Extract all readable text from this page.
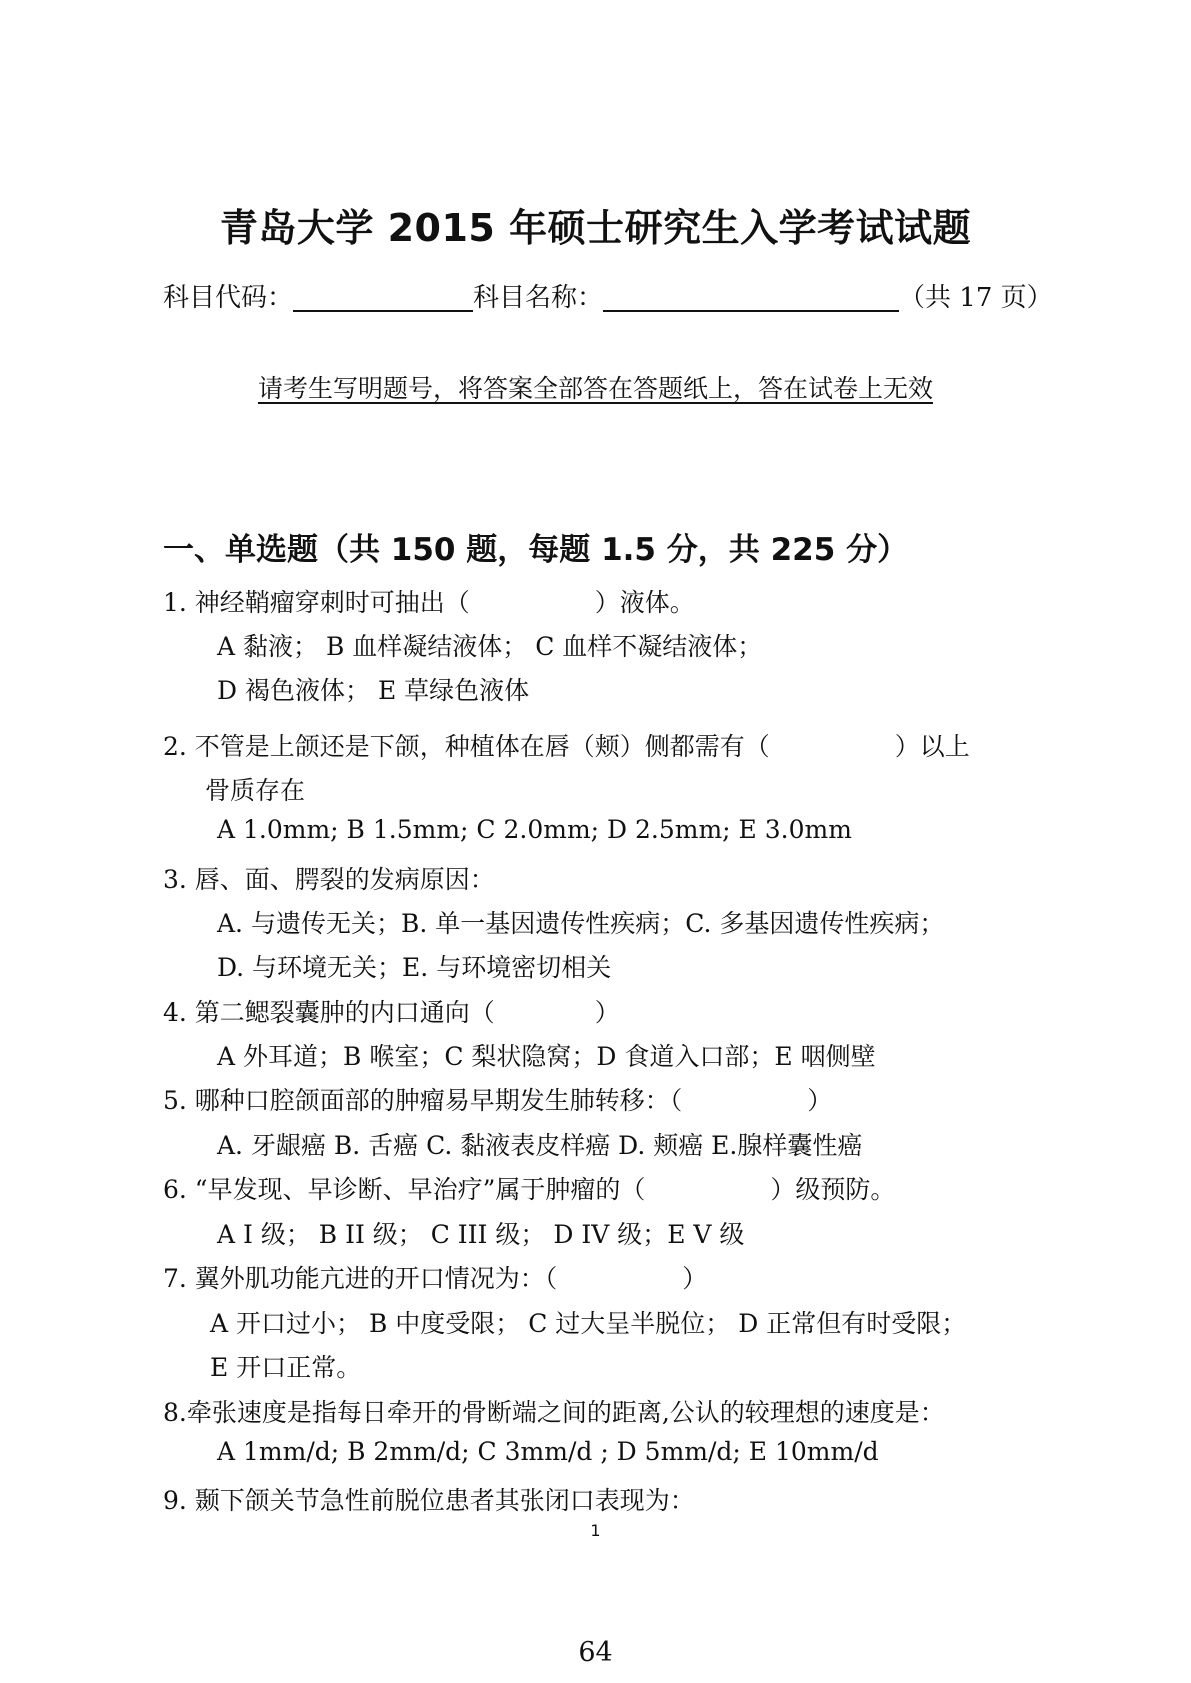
青岛大学 2015 年硕士研究生入学考试试题
科目代码：	科目名称：	（共 17 页）
请考生写明题号，将答案全部答在答题纸上，答在试卷上无效
一、单选题（共 150 题，每题 1.5 分，共 225 分）
1. 神经鞘瘤穿刺时可抽出（　　　　　）液体。
A 黏液； B 血样凝结液体； C 血样不凝结液体；
D 褐色液体； E 草绿色液体
2. 不管是上颌还是下颌，种植体在唇（颊）侧都需有（　　　　　）以上
骨质存在
A 1.0mm; B 1.5mm; C 2.0mm; D 2.5mm; E 3.0mm
3. 唇、面、腭裂的发病原因：
A. 与遗传无关；B. 单一基因遗传性疾病；C. 多基因遗传性疾病；
D. 与环境无关；E. 与环境密切相关
4. 第二鳃裂囊肿的内口通向（　　　　）
A 外耳道；B 喉室；C 梨状隐窝；D 食道入口部；E 咽侧壁
5. 哪种口腔颌面部的肿瘤易早期发生肺转移：（　　　　　）
A. 牙龈癌 B. 舌癌 C. 黏液表皮样癌 D. 颊癌 E.腺样囊性癌
6. “早发现、早诊断、早治疗”属于肿瘤的（　　　　　）级预防。
A I 级； B II 级； C III 级； D IV 级；E V 级
7. 翼外肌功能亢进的开口情况为：（　　　　　）
A 开口过小； B 中度受限； C 过大呈半脱位； D 正常但有时受限；
E 开口正常。
8.牵张速度是指每日牵开的骨断端之间的距离,公认的较理想的速度是：
A 1mm/d; B 2mm/d; C 3mm/d ; D 5mm/d; E 10mm/d
9. 颞下颌关节急性前脱位患者其张闭口表现为：
1
64
